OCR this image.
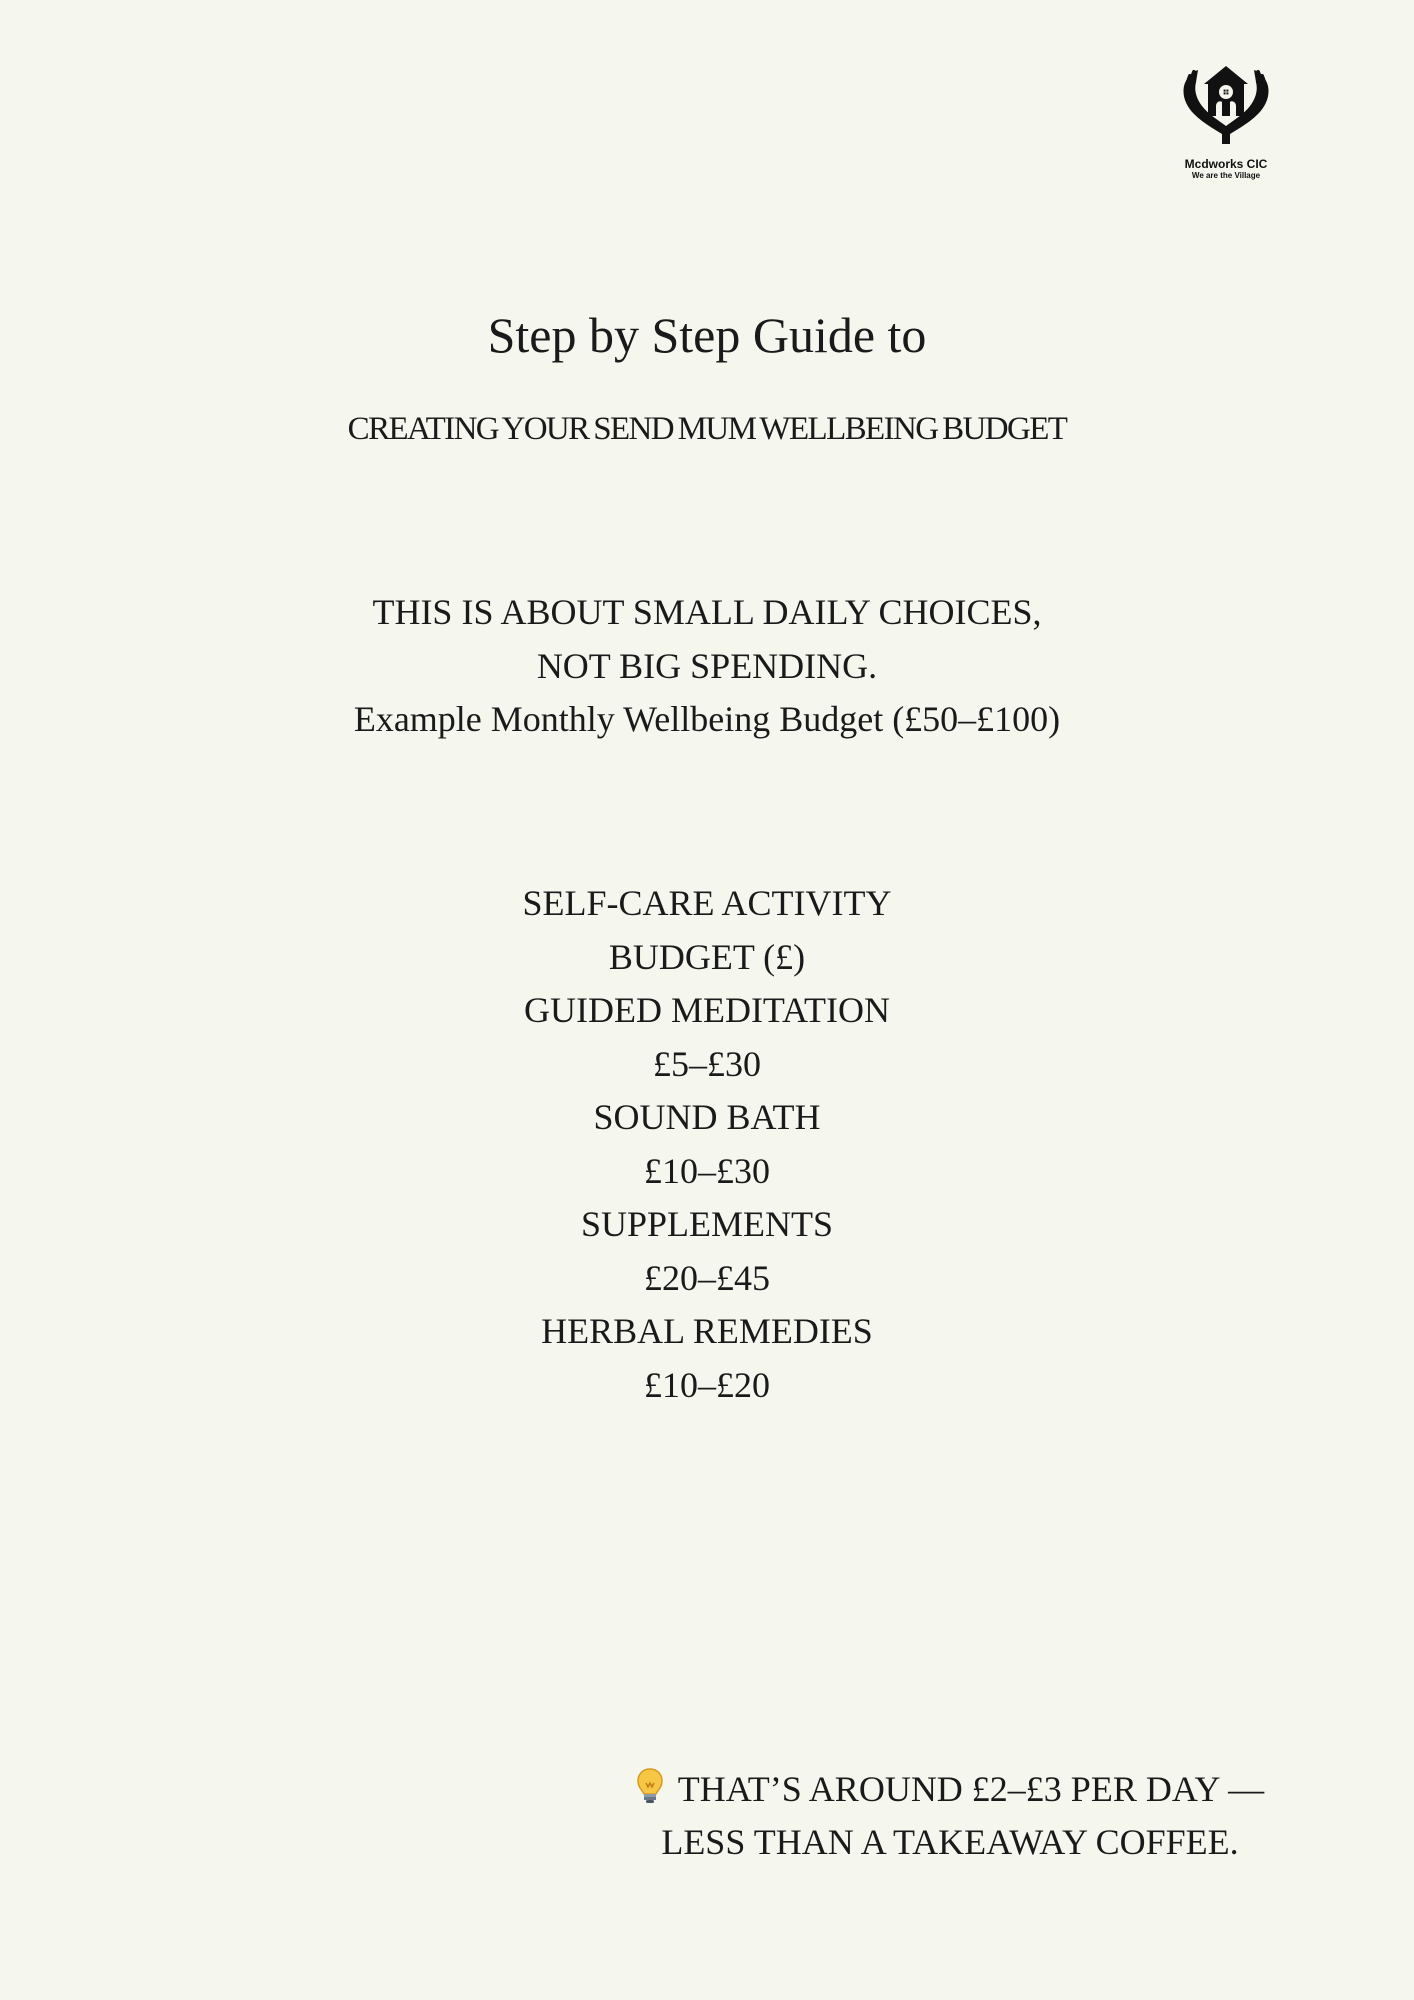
Mcdworks CIC
We are the Village
Step by Step Guide to
CREATING YOUR SEND MUM WELLBEING BUDGET
THIS IS ABOUT SMALL DAILY CHOICES,
NOT BIG SPENDING.
Example Monthly Wellbeing Budget (£50–£100)
SELF-CARE ACTIVITY
BUDGET (£)
GUIDED MEDITATION
£5–£30
SOUND BATH
£10–£30
SUPPLEMENTS
£20–£45
HERBAL REMEDIES
£10–£20
THAT’S AROUND £2–£3 PER DAY —
LESS THAN A TAKEAWAY COFFEE.
